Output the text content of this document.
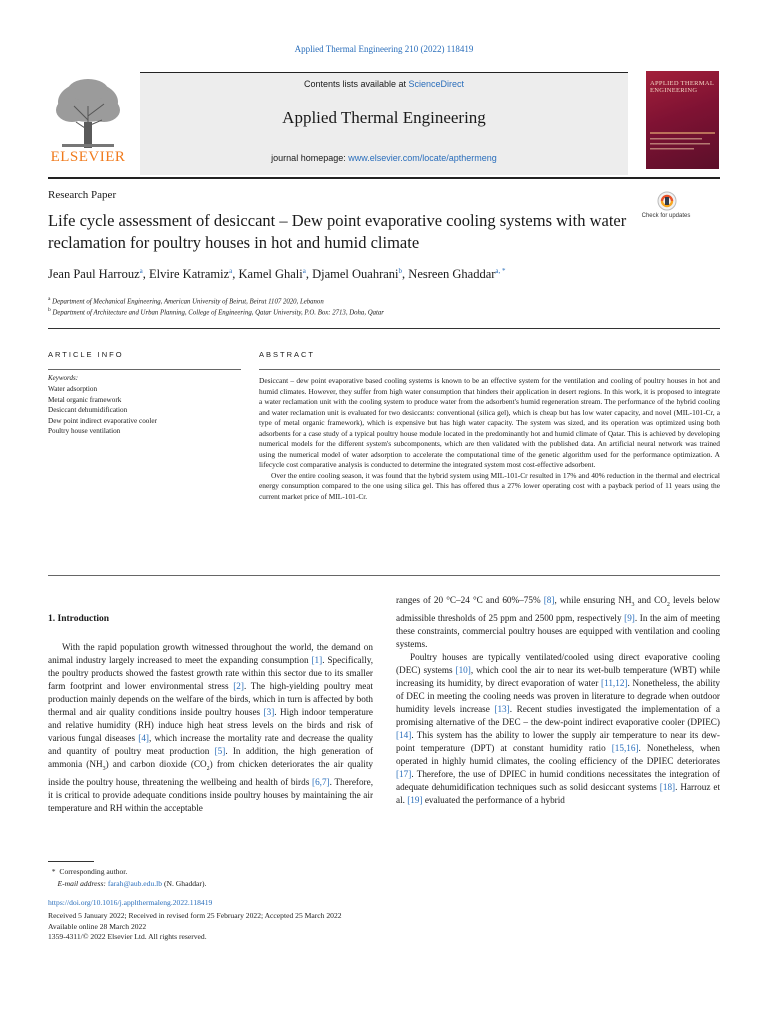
Applied Thermal Engineering 210 (2022) 118419
Contents lists available at ScienceDirect
Applied Thermal Engineering
journal homepage: www.elsevier.com/locate/apthermeng
ELSEVIER
APPLIED THERMAL ENGINEERING
Research Paper
Life cycle assessment of desiccant – Dew point evaporative cooling systems with water reclamation for poultry houses in hot and humid climate
Check for updates
Jean Paul Harrouz$^a$, Elvire Katramiz$^a$, Kamel Ghali$^a$, Djamel Ouahrani$^b$, Nesreen Ghaddar$^{a, *}$
$^a$ Department of Mechanical Engineering, American University of Beirut, Beirut 1107 2020, Lebanon
$^b$ Department of Architecture and Urban Planning, College of Engineering, Qatar University, P.O. Box: 2713, Doha, Qatar
ARTICLE INFO	ABSTRACT
Keywords:
Water adsorption
Metal organic framework
Desiccant dehumidification
Dew point indirect evaporative cooler
Poultry house ventilation

Desiccant – dew point evaporative based cooling systems is known to be an effective system for the ventilation and cooling of poultry houses in hot and humid climates. However, they suffer from high water consumption that hinders their application in desert regions. In this work, it is proposed to integrate a water reclamation unit with the cooling system to produce water from the adsorbent's humid regeneration stream. The performance of the hybrid cooling and water reclamation unit is evaluated for two desiccants: conventional (silica gel), which is cheap but has low water capacity, and novel (MIL-101-Cr, a type of metal organic framework), which is expensive but has high water capacity. The system was sized, and its operation was optimized using both adsorbents for a case study of a typical poultry house module located in the predominantly hot and humid climate of Qatar. This is achieved by developing numerical models for the different system's subcomponents, which are then validated with the published data. An artificial neural network was trained using the numerical model of water adsorption to accelerate the computational time of the genetic algorithm used for the performance optimization. A lifecycle cost comparative analysis is conducted to determine the integrated system most cost-effective adsorbent.

Over the entire cooling season, it was found that the hybrid system using MIL-101-Cr resulted in 17% and 40% reduction in the thermal and electrical energy consumption compared to the one using silica gel. This has offered thus a 27% lower operating cost with a payback period of 11 years using the current market price of MIL-101-Cr.

1. Introduction

With the rapid population growth witnessed throughout the world, the demand on animal industry largely increased to meet the expanding consumption [1]. Specifically, the poultry products showed the fastest growth rate within this sector due to its smaller farm footprint and lower environmental stress [2]. The high-yielding poultry meat production mainly depends on the welfare of the birds, which in turn is affected by both thermal and air quality conditions inside poultry houses [3]. High indoor temperature and relative humidity (RH) induce high heat stress levels on the birds and risk of various fungal diseases [4], which increase the mortality rate and decrease the quality and quantity of poultry meat production [5]. In addition, the high generation of ammonia $(NH_3)$ and carbon dioxide $(CO_2)$ from chicken deteriorates the air quality inside the poultry house, threatening the wellbeing and health of birds [6,7]. Therefore, it is critical to provide adequate conditions inside poultry houses by maintaining the air temperature and RH within the acceptable

ranges of 20 °C–24 °C and 60%–75% [8], while ensuring $NH_3$ and $CO_2$ levels below admissible thresholds of 25 ppm and 2500 ppm, respectively [9]. In the aim of meeting these constraints, commercial poultry houses are equipped with ventilation and cooling systems.

Poultry houses are typically ventilated/cooled using direct evaporative cooling (DEC) systems [10], which cool the air to near its wet-bulb temperature (WBT) while increasing its humidity, by direct evaporation of water [11,12]. Nonetheless, the ability of DEC in meeting the cooling needs was proven in literature to degrade when outdoor humidity levels increase [13]. Recent studies investigated the implementation of a promising alternative of the DEC – the dew-point indirect evaporative cooler (DPIEC) [14]. This system has the ability to lower the supply air temperature to near its dew-point temperature (DPT) at constant humidity ratio [15,16]. Nonetheless, when operated in highly humid climates, the cooling efficiency of the DPIEC deteriorates [17]. Therefore, the use of DPIEC in humid conditions necessitates the integration of adequate dehumidification techniques such as solid desiccant systems [18]. Harrouz et al. [19] evaluated the performance of a hybrid

* Corresponding author.
E-mail address: farah@aub.edu.lb (N. Ghaddar).
https://doi.org/10.1016/j.applthermaleng.2022.118419
Received 5 January 2022; Received in revised form 25 February 2022; Accepted 25 March 2022
Available online 28 March 2022
1359-4311/© 2022 Elsevier Ltd. All rights reserved.
